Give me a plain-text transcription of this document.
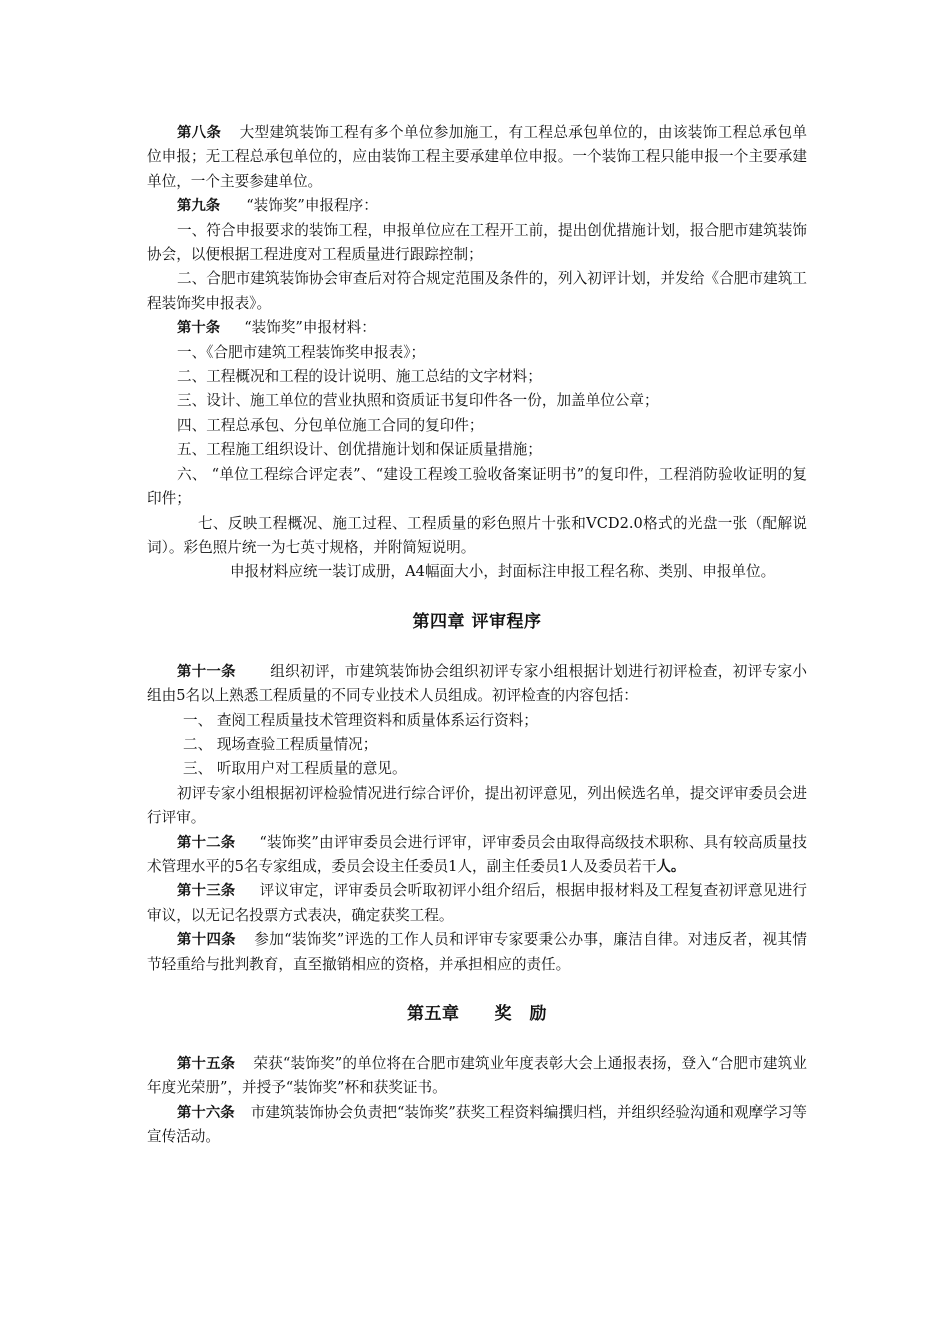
第八条 大型建筑装饰工程有多个单位参加施工，有工程总承包单位的，由该装饰工程总承包单位申报；无工程总承包单位的，应由装饰工程主要承建单位申报。一个装饰工程只能申报一个主要承建单位，一个主要参建单位。

第九条 “装饰奖”申报程序：

一、符合申报要求的装饰工程，申报单位应在工程开工前，提出创优措施计划，报合肥市建筑装饰协会，以便根据工程进度对工程质量进行跟踪控制；

二、合肥市建筑装饰协会审查后对符合规定范围及条件的，列入初评计划，并发给《合肥市建筑工程装饰奖申报表》。

第十条 “装饰奖”申报材料：

一、《合肥市建筑工程装饰奖申报表》；

二、工程概况和工程的设计说明、施工总结的文字材料；

三、设计、施工单位的营业执照和资质证书复印件各一份，加盖单位公章；

四、工程总承包、分包单位施工合同的复印件；

五、工程施工组织设计、创优措施计划和保证质量措施；

六、 “单位工程综合评定表”、“建设工程竣工验收备案证明书”的复印件，工程消防验收证明的复印件；

七、反映工程概况、施工过程、工程质量的彩色照片十张和VCD2.0格式的光盘一张（配解说词）。彩色照片统一为七英寸规格，并附简短说明。

申报材料应统一装订成册，A4幅面大小，封面标注申报工程名称、类别、申报单位。

第四章 评审程序

第十一条 组织初评，市建筑装饰协会组织初评专家小组根据计划进行初评检查，初评专家小组由5名以上熟悉工程质量的不同专业技术人员组成。初评检查的内容包括：

一、 查阅工程质量技术管理资料和质量体系运行资料；

二、 现场查验工程质量情况；

三、 听取用户对工程质量的意见。

初评专家小组根据初评检验情况进行综合评价，提出初评意见，列出候选名单，提交评审委员会进行评审。

第十二条 “装饰奖”由评审委员会进行评审，评审委员会由取得高级技术职称、具有较高质量技术管理水平的5名专家组成，委员会设主任委员1人，副主任委员1人及委员若干人。

第十三条 评议审定，评审委员会听取初评小组介绍后，根据申报材料及工程复查初评意见进行审议，以无记名投票方式表决，确定获奖工程。

第十四条 参加“装饰奖”评选的工作人员和评审专家要秉公办事，廉洁自律。对违反者，视其情节轻重给与批判教育，直至撤销相应的资格，并承担相应的责任。

第五章　　奖　励

第十五条 荣获“装饰奖”的单位将在合肥市建筑业年度表彰大会上通报表扬，登入“合肥市建筑业年度光荣册”，并授予“装饰奖”杯和获奖证书。

第十六条 市建筑装饰协会负责把“装饰奖”获奖工程资料编撰归档，并组织经验沟通和观摩学习等宣传活动。
